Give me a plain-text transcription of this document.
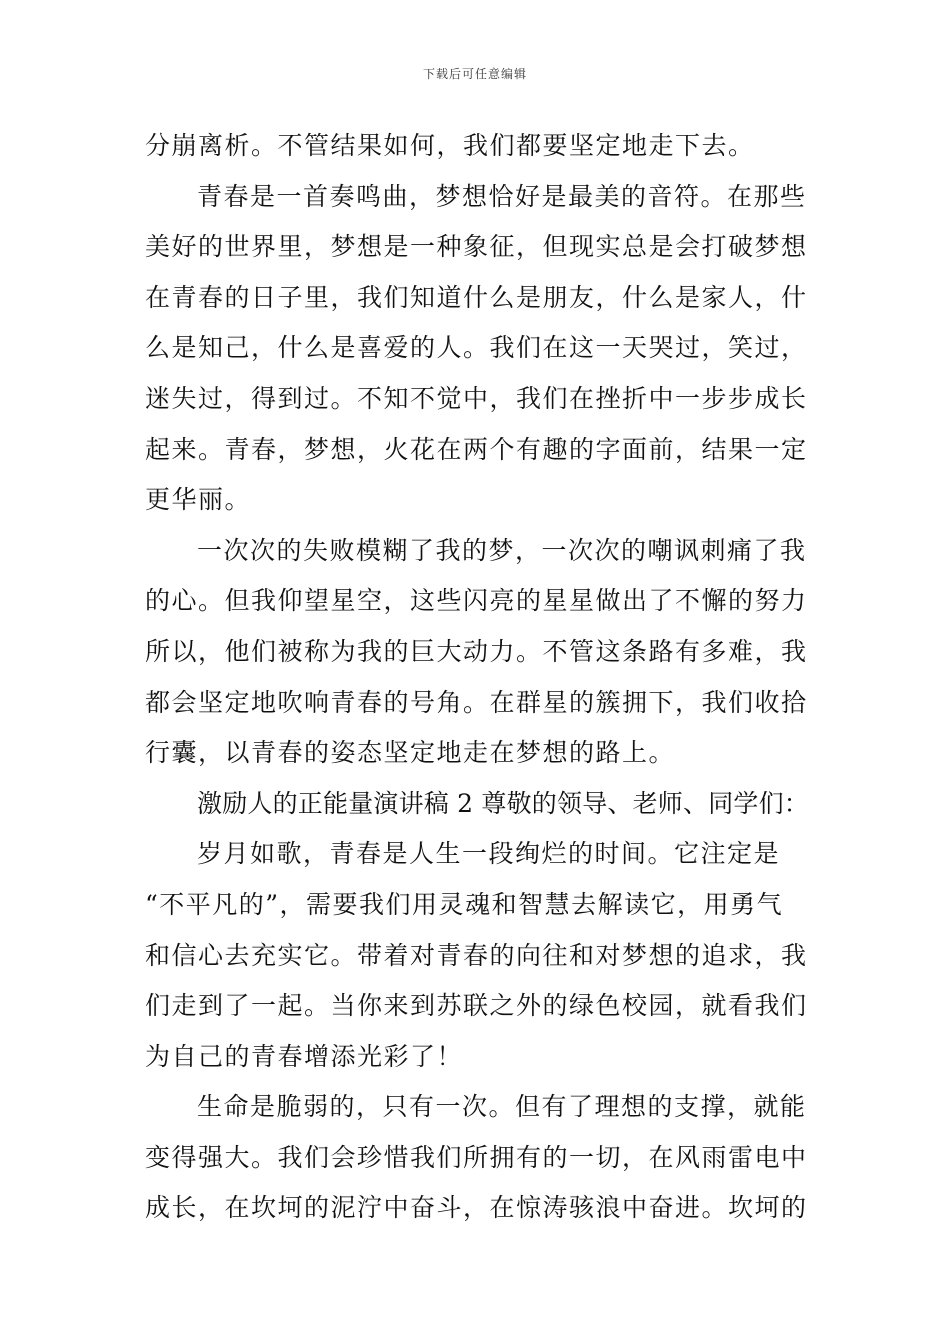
下载后可任意编辑
分崩离析。不管结果如何，我们都要坚定地走下去。
青春是一首奏鸣曲，梦想恰好是最美的音符。在那些
美好的世界里，梦想是一种象征，但现实总是会打破梦想
在青春的日子里，我们知道什么是朋友，什么是家人，什
么是知己，什么是喜爱的人。我们在这一天哭过，笑过，
迷失过，得到过。不知不觉中，我们在挫折中一步步成长
起来。青春，梦想，火花在两个有趣的字面前，结果一定
更华丽。
一次次的失败模糊了我的梦，一次次的嘲讽刺痛了我
的心。但我仰望星空，这些闪亮的星星做出了不懈的努力
所以，他们被称为我的巨大动力。不管这条路有多难，我
都会坚定地吹响青春的号角。在群星的簇拥下，我们收拾
行囊，以青春的姿态坚定地走在梦想的路上。
激励人的正能量演讲稿 2 尊敬的领导、老师、同学们：
岁月如歌，青春是人生一段绚烂的时间。它注定是
“不平凡的”，需要我们用灵魂和智慧去解读它，用勇气
和信心去充实它。带着对青春的向往和对梦想的追求，我
们走到了一起。当你来到苏联之外的绿色校园，就看我们
为自己的青春增添光彩了！
生命是脆弱的，只有一次。但有了理想的支撑，就能
变得强大。我们会珍惜我们所拥有的一切，在风雨雷电中
成长，在坎坷的泥泞中奋斗，在惊涛骇浪中奋进。坎坷的
